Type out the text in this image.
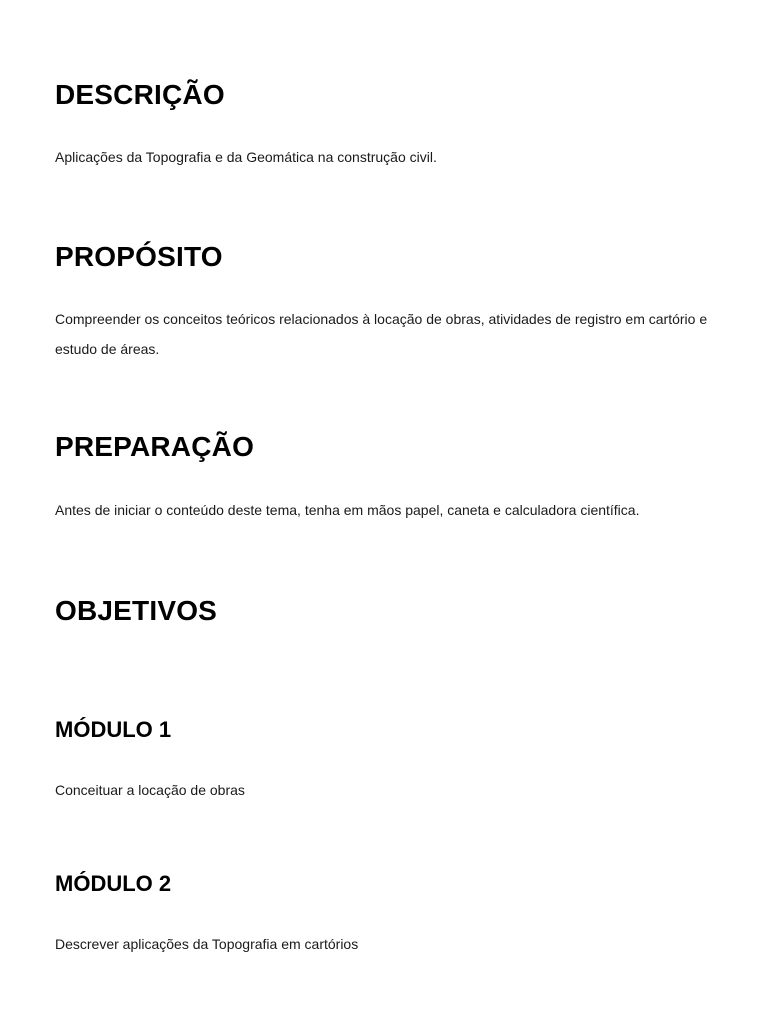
DESCRIÇÃO

Aplicações da Topografia e da Geomática na construção civil.

PROPÓSITO

Compreender os conceitos teóricos relacionados à locação de obras, atividades de registro em cartório e estudo de áreas.

PREPARAÇÃO

Antes de iniciar o conteúdo deste tema, tenha em mãos papel, caneta e calculadora científica.

OBJETIVOS
MÓDULO 1

Conceituar a locação de obras

MÓDULO 2

Descrever aplicações da Topografia em cartórios
